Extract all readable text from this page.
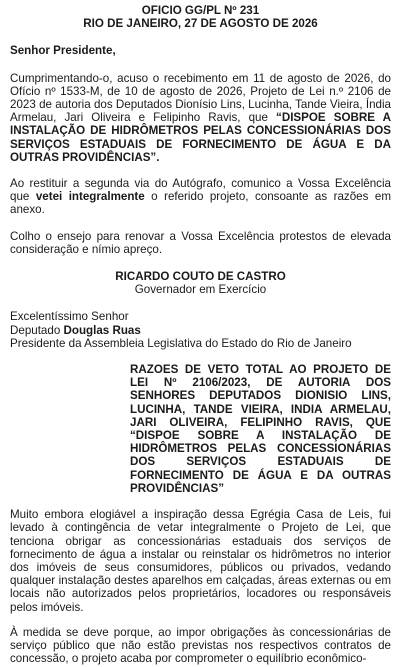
OFICIO GG/PL Nº 231
RIO DE JANEIRO, 27 DE AGOSTO DE 2026

Senhor Presidente,

Cumprimentando-o, acuso o recebimento em 11 de agosto de 2026, do Ofício nº 1533-M, de 10 de agosto de 2026, Projeto de Lei n.º 2106 de 2023 de autoria dos Deputados Dionísio Lins, Lucinha, Tande Vieira, Índia Armelau, Jari Oliveira e Felipinho Ravis, que “DISPOE SOBRE A INSTALAÇÃO DE HIDRÔMETROS PELAS CONCESSIONÁRIAS DOS SERVIÇOS ESTADUAIS DE FORNECIMENTO DE ÁGUA E DA OUTRAS PROVIDÊNCIAS”.

Ao restituir a segunda via do Autógrafo, comunico a Vossa Excelência que vetei integralmente o referido projeto, consoante as razões em anexo.

Colho o ensejo para renovar a Vossa Excelência protestos de elevada consideração e nímio apreço.

RICARDO COUTO DE CASTRO
Governador em Exercício

Excelentíssimo Senhor

Deputado Douglas Ruas

Presidente da Assembleia Legislativa do Estado do Rio de Janeiro

RAZOES DE VETO TOTAL AO PROJETO DE LEI Nº 2106/2023, DE AUTORIA DOS SENHORES DEPUTADOS DIONISIO LINS, LUCINHA, TANDE VIEIRA, INDIA ARMELAU, JARI OLIVEIRA, FELIPINHO RAVIS, QUE “DISPOE SOBRE A INSTALAÇÃO DE HIDRÔMETROS PELAS CONCESSIONÁRIAS DOS SERVIÇOS ESTADUAIS DE FORNECIMENTO DE ÁGUA E DA OUTRAS PROVIDÊNCIAS”

Muito embora elogiável a inspiração dessa Egrégia Casa de Leis, fui levado à contingência de vetar integralmente o Projeto de Lei, que tenciona obrigar as concessionárias estaduais dos serviços de fornecimento de água a instalar ou reinstalar os hidrômetros no interior dos imóveis de seus consumidores, públicos ou privados, vedando qualquer instalação destes aparelhos em calçadas, áreas externas ou em locais não autorizados pelos proprietários, locadores ou responsáveis pelos imóveis.

À medida se deve porque, ao impor obrigações às concessionárias de serviço público que não estão previstas nos respectivos contratos de concessão, o projeto acaba por comprometer o equilíbrio econômico-
